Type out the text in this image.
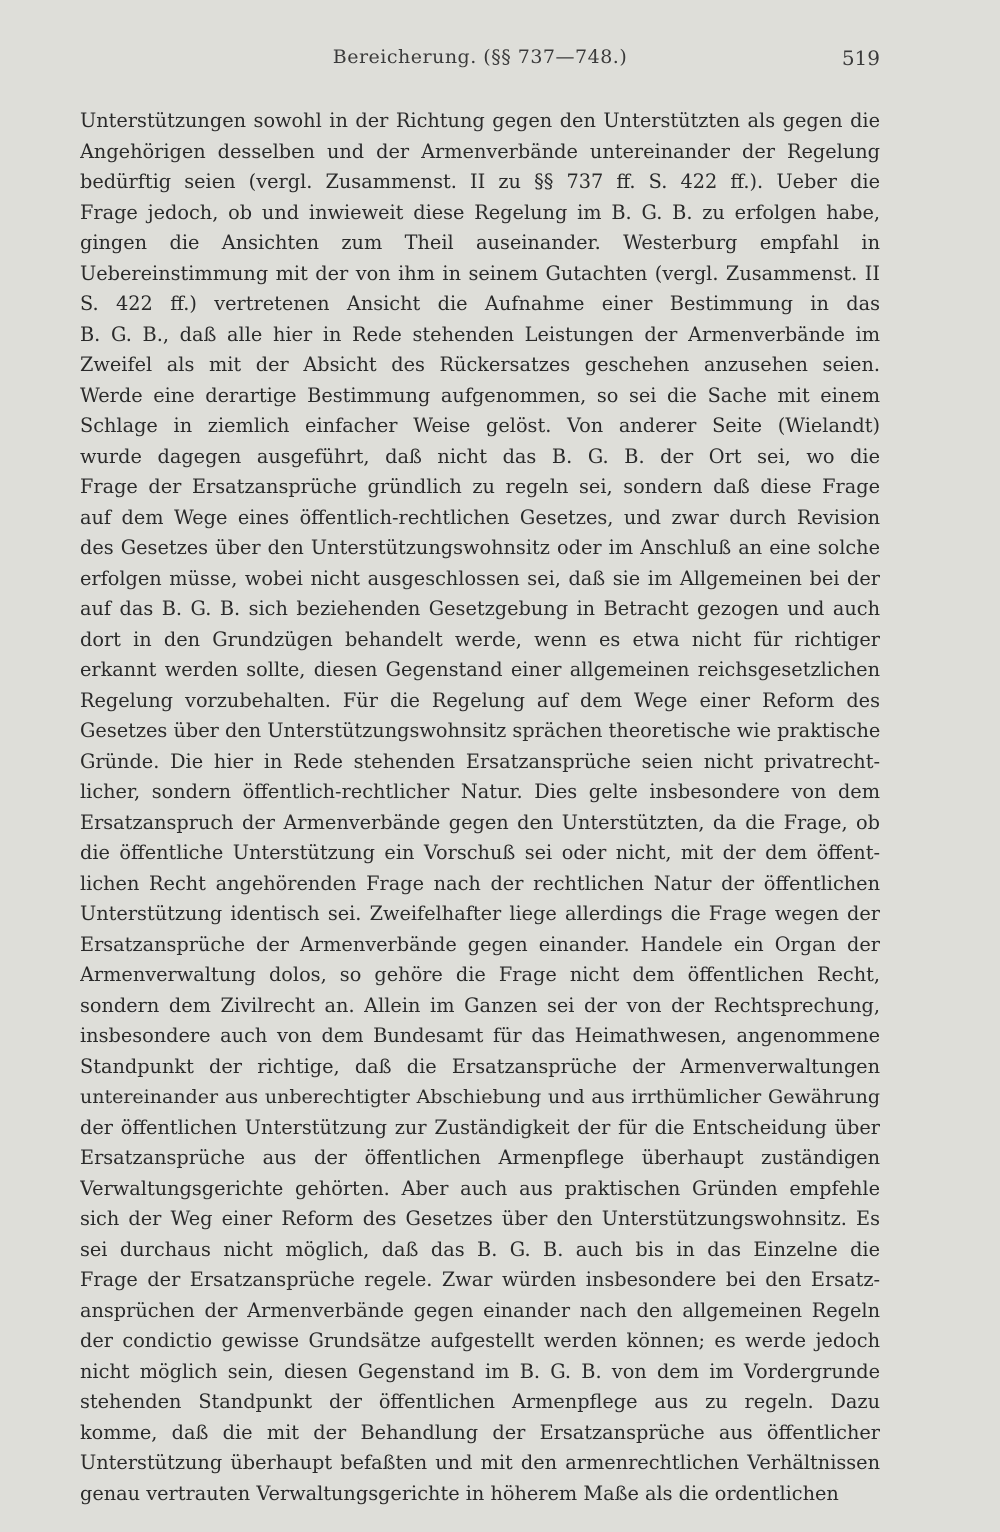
Bereicherung. (§§ 737—748.)	519
Unterstützungen sowohl in der Richtung gegen den Unterstützten als gegen die
Angehörigen desselben und der Armenverbände untereinander der Regelung
bedürftig seien (vergl. Zusammenst. II zu §§ 737 ff. S. 422 ff.). Ueber die
Frage jedoch, ob und inwieweit diese Regelung im B. G. B. zu erfolgen habe,
gingen die Ansichten zum Theil auseinander. Westerburg empfahl in
Uebereinstimmung mit der von ihm in seinem Gutachten (vergl. Zusammenst. II
S. 422 ff.) vertretenen Ansicht die Aufnahme einer Bestimmung in das
B. G. B., daß alle hier in Rede stehenden Leistungen der Armenverbände im
Zweifel als mit der Absicht des Rückersatzes geschehen anzusehen seien.
Werde eine derartige Bestimmung aufgenommen, so sei die Sache mit einem
Schlage in ziemlich einfacher Weise gelöst. Von anderer Seite (Wielandt)
wurde dagegen ausgeführt, daß nicht das B. G. B. der Ort sei, wo die
Frage der Ersatzansprüche gründlich zu regeln sei, sondern daß diese Frage
auf dem Wege eines öffentlich-rechtlichen Gesetzes, und zwar durch Revision
des Gesetzes über den Unterstützungswohnsitz oder im Anschluß an eine solche
erfolgen müsse, wobei nicht ausgeschlossen sei, daß sie im Allgemeinen bei der
auf das B. G. B. sich beziehenden Gesetzgebung in Betracht gezogen und auch
dort in den Grundzügen behandelt werde, wenn es etwa nicht für richtiger
erkannt werden sollte, diesen Gegenstand einer allgemeinen reichsgesetzlichen
Regelung vorzubehalten. Für die Regelung auf dem Wege einer Reform des
Gesetzes über den Unterstützungswohnsitz sprächen theoretische wie praktische
Gründe. Die hier in Rede stehenden Ersatzansprüche seien nicht privatrecht-
licher, sondern öffentlich-rechtlicher Natur. Dies gelte insbesondere von dem
Ersatzanspruch der Armenverbände gegen den Unterstützten, da die Frage, ob
die öffentliche Unterstützung ein Vorschuß sei oder nicht, mit der dem öffent-
lichen Recht angehörenden Frage nach der rechtlichen Natur der öffentlichen
Unterstützung identisch sei. Zweifelhafter liege allerdings die Frage wegen der
Ersatzansprüche der Armenverbände gegen einander. Handele ein Organ der
Armenverwaltung dolos, so gehöre die Frage nicht dem öffentlichen Recht,
sondern dem Zivilrecht an. Allein im Ganzen sei der von der Rechtsprechung,
insbesondere auch von dem Bundesamt für das Heimathwesen, angenommene
Standpunkt der richtige, daß die Ersatzansprüche der Armenverwaltungen
untereinander aus unberechtigter Abschiebung und aus irrthümlicher Gewährung
der öffentlichen Unterstützung zur Zuständigkeit der für die Entscheidung über
Ersatzansprüche aus der öffentlichen Armenpflege überhaupt zuständigen
Verwaltungsgerichte gehörten. Aber auch aus praktischen Gründen empfehle
sich der Weg einer Reform des Gesetzes über den Unterstützungswohnsitz. Es
sei durchaus nicht möglich, daß das B. G. B. auch bis in das Einzelne die
Frage der Ersatzansprüche regele. Zwar würden insbesondere bei den Ersatz-
ansprüchen der Armenverbände gegen einander nach den allgemeinen Regeln
der condictio gewisse Grundsätze aufgestellt werden können; es werde jedoch
nicht möglich sein, diesen Gegenstand im B. G. B. von dem im Vordergrunde
stehenden Standpunkt der öffentlichen Armenpflege aus zu regeln. Dazu
komme, daß die mit der Behandlung der Ersatzansprüche aus öffentlicher
Unterstützung überhaupt befaßten und mit den armenrechtlichen Verhältnissen
genau vertrauten Verwaltungsgerichte in höherem Maße als die ordentlichen
